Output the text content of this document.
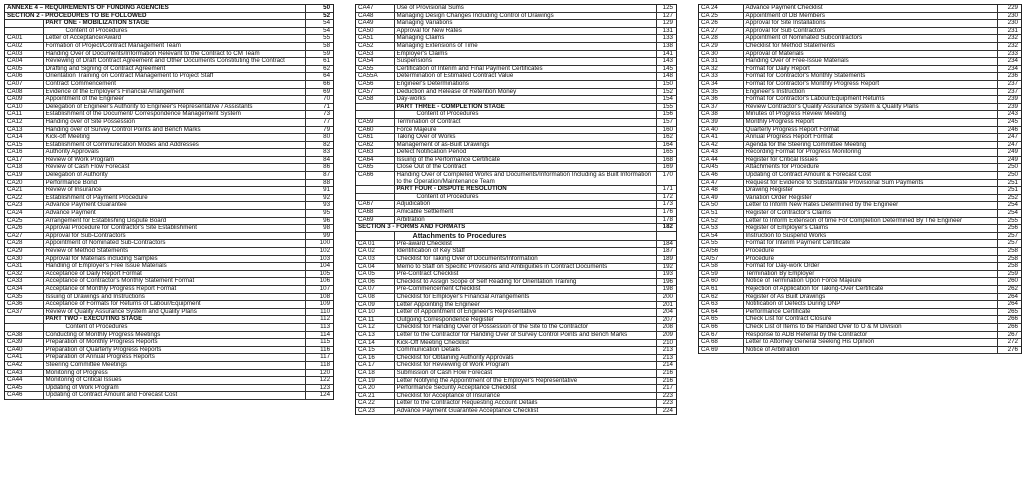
ANNEXE 4 – REQUIREMENTS OF FUNDING AGENCIES		50
SECTION 2 - PROCEDURES TO BE FOLLOWED		52
	PART ONE - MOBILIZATION STAGE	54
	Content of Procedures	54
CA01	Letter of Acceptance/Award	55
CA02	Formation of Project/Contract Management Team	58
CA03	Handing Over of Documents/Information Relevant to the Contract to CM Team	59
CA04	Reviewing of Draft Contract Agreement and Other Documents Constituting the Contract	61
CA05	Drafting and Signing of Contract Agreement	62
CA06	Orientation Training on Contract Management to Project Staff	64
CA07	Contract Commencement	66
CA08	Evidence of the Employer's Financial Arrangement	69
CA09	Appointment of the Engineer	70
CA10	Delegation of Engineer's Authority to Engineer's Representative / Assistants	71
CA11	Establishment of the Document/ Correspondence Management System	73
CA12	Handing over of Site Possession	77
CA13	Handing over of Survey Control Points and Bench Marks	79
CA14	Kick-off Meeting	80
CA15	Establishment of Communication Modes and Addresses	82
CA16	Authority Approvals	83
CA17	Review of Work Program	84
CA18	Review of Cash Flow Forecast	86
CA19	Delegation of Authority	87
CA20	Performance Bond	88
CA21	Review of Insurance	91
CA22	Establishment of Payment Procedure	92
CA23	Advance Payment Guarantee	93
CA24	Advance Payment	95
CA25	Arrangement for Establishing Dispute Board	96
CA26	Approval Procedure for Contractor's Site Establishment	98
CA27	Approval for Sub-Contractors	99
CA28	Appointment of Nominated Sub-Contractors	100
CA29	Review of Method Statements	102
CA30	Approval for Materials including Samples	103
CA31	Handling of Employer's Free Issue Materials	104
CA32	Acceptance of Daily Report Format	105
CA33	Acceptance of Contractor's Monthly Statement Format	106
CA34	Acceptance of Monthly Progress Report Format	107
CA35	Issuing of Drawings and Instructions	108
CA36	Acceptance of Formats for Returns of Labour/Equipment	109
CA37	Review of Quality Assurance System and Quality Plans	110
	PART TWO - EXECUTING STAGE	112
	Content of Procedures	113
CA38	Conducting of Monthly Progress Meetings	114
CA39	Preparation of Monthly Progress Reports	115
CA40	Preparation of Quarterly Progress Reports	116
CA41	Preparation of Annual Progress Reports	117
CA42	Steering Committee Meetings	118
CA43	Monitoring of Progress	120
CA44	Monitoring of Critical Issues	122
CA45	Updating of Work Program	123
CA46	Updating of Contract Amount and Forecast Cost	124
CA47	Use of Provisional Sums	125
CA48	Managing Design Changes Including Control of Drawings	127
CA49	Managing Variations	129
CA50	Approval for New Rates	131
CA51	Managing Claims	133
CA52	Managing Extensions of Time	138
CA53	Employer's Claims	141
CA54	Suspensions	143
CA55	Certification of Interim and Final Payment Certificates	145
CA55A	Determination of Estimated Contract Value	148
CA56	Engineer's Determinations	150
CA57	Deduction and Release of Retention Money	152
CA58	Day-works	154
	PART THREE - COMPLETION STAGE	155
	Content of Procedures	156
CA59	Termination of Contract	157
CA60	Force Majeure	160
CA61	Taking Over of Works	162
CA62	Management of as-Built Drawings	164
CA63	Defect Notification Period	165
CA64	Issuing of the Performance Certificate	168
CA65	Close Out of the Contract	169
CA66	Handing Over of Completed Works and Documents/Information Including as Built Information to the Operation/Maintenance Team	170
	PART FOUR - DISPUTE RESOLUTION	171
	Content of Procedures	172
CA67	Adjudication	173
CA68	Amicable Settlement	176
CA69	Arbitration	178
SECTION 3 - FORMS AND FORMATS		182
	Attachments to Procedures	
CA 01	Pre-award Checklist	184
CA 02	Identification of Key Staff	187
CA 03	Checklist for Taking Over of Documents/Information	189
CA 04	Memo to Staff on Specific Provisions and Ambiguities in Contract Documents	192
CA 05	Pre-Contract Checklist	193
CA 06	Checklist to Assign Scope of Self Reading for Orientation Training	196
CA 07	Pre-Commencement Checklist	198
CA 08	Checklist for Employer's Financial Arrangements	200
CA 09	Letter Appointing the Engineer	201
CA 10	Letter of Appointment of Engineer's Representative	204
CA 11	Outgoing Correspondence Register	207
CA 12	Checklist for Handing Over of Possession of the Site to the Contractor	208
CA 13	Letter to the Contractor for Handing Over of Survey Control Points and Bench Marks	209
CA 14	Kick-Off Meeting Checklist	210
CA 15	Communication Details	213
CA 16	Checklist for Obtaining Authority Approvals	213
CA 17	Checklist for Reviewing of Work Program	214
CA 18	Submission of Cash Flow Forecast	216
CA 19	Letter Notifying the Appointment of the Employer's Representative	216
CA 20	Performance Security Acceptance Checklist	217
CA 21	Checklist for Acceptance of Insurance	223
CA 22	Letter to the Contractor Requesting Account Details	223
CA 23	Advance Payment Guarantee Acceptance Checklist	224
CA 24	Advance Payment Checklist	229
CA 25	Appointment of DB Members	230
CA 26	Approval for Site Installations	230
CA 27	Approval for Sub Contractors	231
CA 28	Appointment of Nominated Subcontractors	232
CA 29	Checklist for Method Statements	232
CA 30	Approval of Materials	233
CA 31	Handing Over of Free-Issue Materials	234
CA 32	Format for Daily Report	234
CA 33	Format for Contractor's Monthly Statements	236
CA 34	Format for Contractor's Monthly Progress Report	237
CA 35	Engineer's Instruction	237
CA 36	Format for Contractor's Labour/Equipment Returns	239
CA 37	Review Contractor's Quality Assurance System & Quality Plans	239
CA 38	Minutes of Progress Review Meeting	243
CA 39	Monthly Progress Report	245
CA 40	Quarterly Progress Report Format	246
CA 41	Annual Progress Report Format	247
CA 42	Agenda for the Steering Committee Meeting	247
CA 43	Recording Format for Progress Monitoring	249
CA 44	Register for Critical Issues	249
CA/45	Attachments for Procedure	250
CA 46	Updating of Contract Amount & Forecast Cost	250
CA 47	Request for Evidence to Substantiate Provisional Sum Payments	251
CA 48	Drawing Register	251
CA 49	Variation Order Register	252
CA 50	Letter to Inform New Rates Determined by the Engineer	254
CA 51	Register of Contractor's Claims	254
CA 52	Letter to Inform Extension of time For Completion Determined By The Engineer	255
CA 53	Register of Employer's Claims	256
CA 54	Instruction to Suspend Works	257
CA 55	Format for Interim Payment Certificate	257
CA/56	Procedure	258
CA/57	Procedure	258
CA 58	Format for Day-work Order	258
CA 59	Termination By Employer	259
CA 60	Notice of Termination Upon Force Majeure	260
CA 61	Rejection of Application for Taking-Over Certificate	262
CA 62	Register of As Built Drawings	264
CA 63	Notification of Defects During DNP	264
CA 64	Performance Certificate	265
CA 65	Check List for Contract Closure	266
CA 66	Check List of Items to be Handed Over to O & M Division	266
CA 67	Response to ADB Referral by the Contractor	267
CA 68	Letter to Attorney General Seeking His Opinion	272
CA 69	Notice of Arbitration	276
